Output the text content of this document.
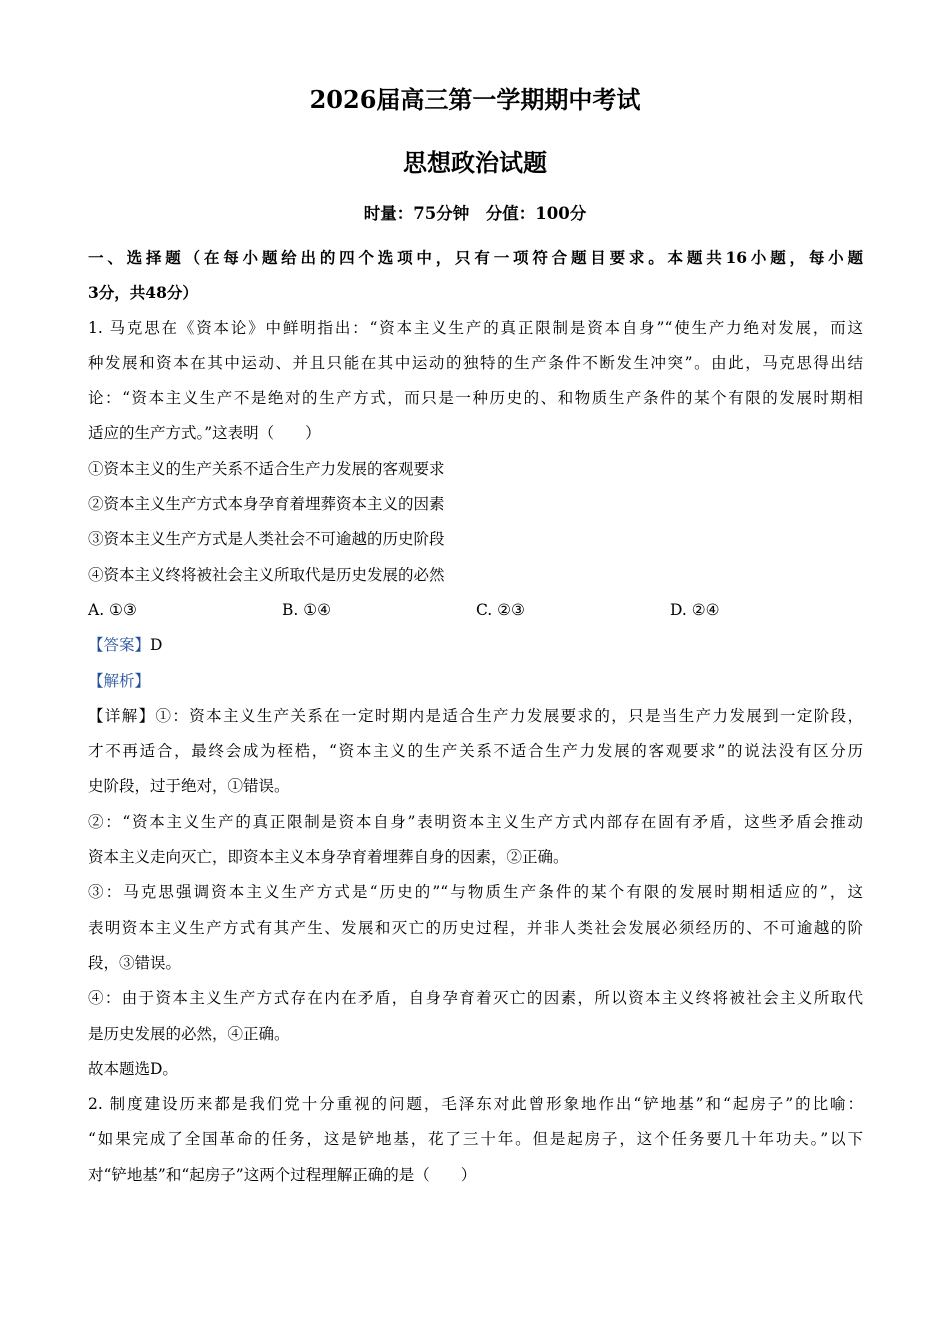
2026届高三第一学期期中考试
思想政治试题
时量：75分钟　分值：100分
一、选择题（在每小题给出的四个选项中，只有一项符合题目要求。本题共16小题，每小题
3分，共48分）
1. 马克思在《资本论》中鲜明指出：“资本主义生产的真正限制是资本自身”“使生产力绝对发展，而这
种发展和资本在其中运动、并且只能在其中运动的独特的生产条件不断发生冲突”。由此，马克思得出结
论：“资本主义生产不是绝对的生产方式，而只是一种历史的、和物质生产条件的某个有限的发展时期相
适应的生产方式。”这表明（　　）
①资本主义的生产关系不适合生产力发展的客观要求
②资本主义生产方式本身孕育着埋葬资本主义的因素
③资本主义生产方式是人类社会不可逾越的历史阶段
④资本主义终将被社会主义所取代是历史发展的必然
A. ①③	B. ①④	C. ②③	D. ②④
【答案】D
【解析】
【详解】①：资本主义生产关系在一定时期内是适合生产力发展要求的，只是当生产力发展到一定阶段，
才不再适合，最终会成为桎梏，“资本主义的生产关系不适合生产力发展的客观要求”的说法没有区分历
史阶段，过于绝对，①错误。
②：“资本主义生产的真正限制是资本自身”表明资本主义生产方式内部存在固有矛盾，这些矛盾会推动
资本主义走向灭亡，即资本主义本身孕育着埋葬自身的因素，②正确。
③：马克思强调资本主义生产方式是“历史的”“与物质生产条件的某个有限的发展时期相适应的”，这
表明资本主义生产方式有其产生、发展和灭亡的历史过程，并非人类社会发展必须经历的、不可逾越的阶
段，③错误。
④：由于资本主义生产方式存在内在矛盾，自身孕育着灭亡的因素，所以资本主义终将被社会主义所取代
是历史发展的必然，④正确。
故本题选D。
2. 制度建设历来都是我们党十分重视的问题，毛泽东对此曾形象地作出“铲地基”和“起房子”的比喻：
“如果完成了全国革命的任务，这是铲地基，花了三十年。但是起房子，这个任务要几十年功夫。”以下
对“铲地基”和“起房子”这两个过程理解正确的是（　　）
